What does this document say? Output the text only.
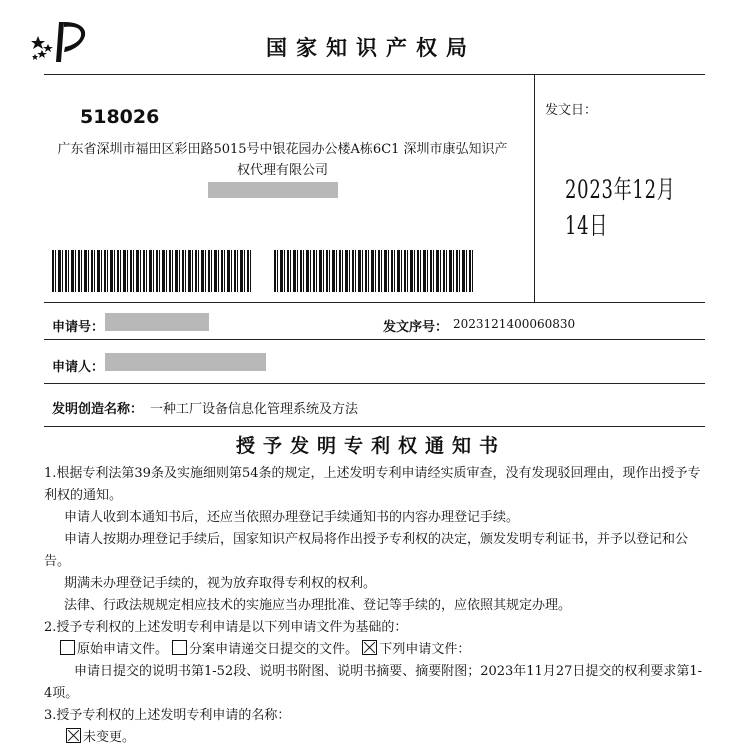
国家知识产权局
518026
广东省深圳市福田区彩田路5015号中银花园办公楼A栋6C1 深圳市康弘知识产权代理有限公司
发文日：
2023年12月14日
申请号：	发文序号： 2023121400060830
申请人：
发明创造名称： 一种工厂设备信息化管理系统及方法
授予发明专利权通知书

1.根据专利法第39条及实施细则第54条的规定，上述发明专利申请经实质审查，没有发现驳回理由，现作出授予专利权的通知。

申请人收到本通知书后，还应当依照办理登记手续通知书的内容办理登记手续。

申请人按期办理登记手续后，国家知识产权局将作出授予专利权的决定，颁发发明专利证书，并予以登记和公告。

期满未办理登记手续的，视为放弃取得专利权的权利。

法律、行政法规规定相应技术的实施应当办理批准、登记等手续的，应依照其规定办理。

2.授予专利权的上述发明专利申请是以下列申请文件为基础的：

原始申请文件。 分案申请递交日提交的文件。 下列申请文件：

申请日提交的说明书第1-52段、说明书附图、说明书摘要、摘要附图；2023年11月27日提交的权利要求第1-4项。

3.授予专利权的上述发明专利申请的名称：

未变更。
